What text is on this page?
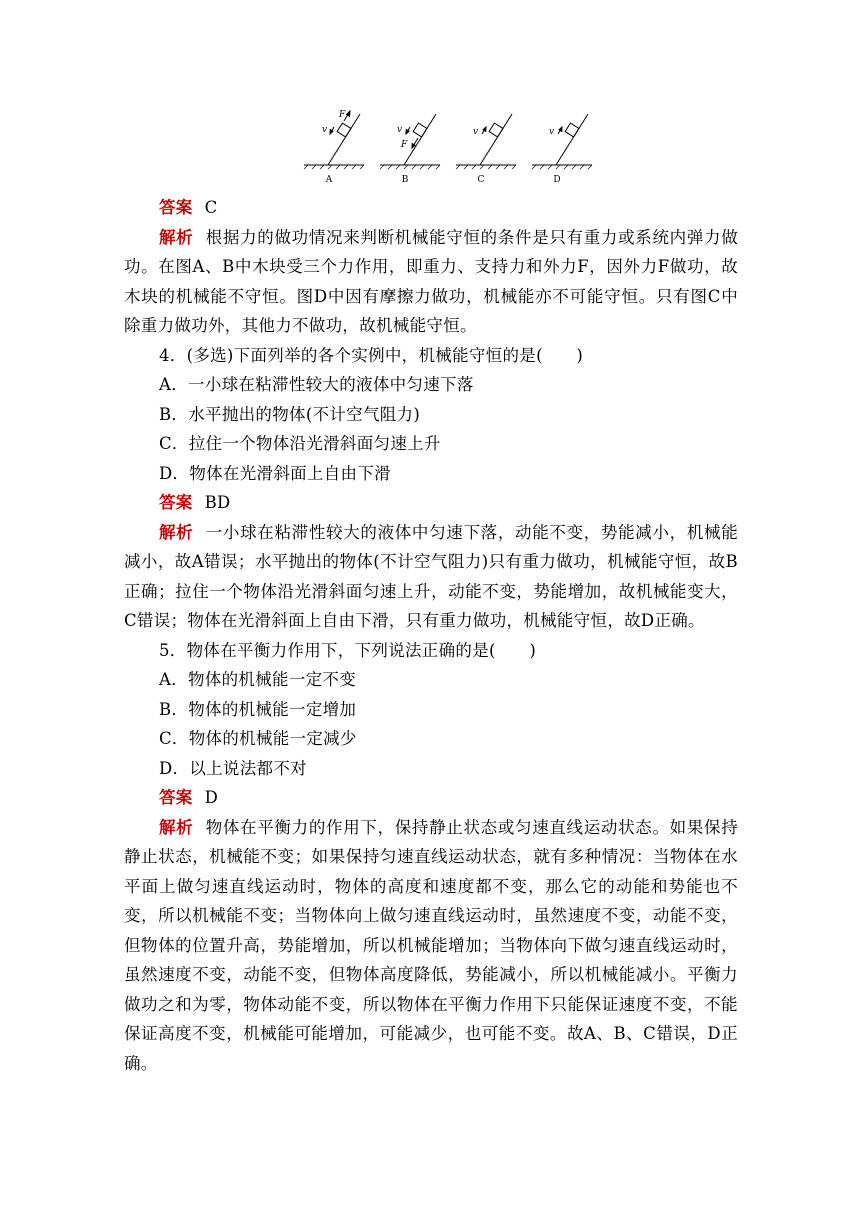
v
F
v
F
v	v
A	B	C	D

答案 C

解析 根据力的做功情况来判断机械能守恒的条件是只有重力或系统内弹力做功。在图A、B中木块受三个力作用，即重力、支持力和外力F，因外力F做功，故木块的机械能不守恒。图D中因有摩擦力做功，机械能亦不可能守恒。只有图C中除重力做功外，其他力不做功，故机械能守恒。

4．(多选)下面列举的各个实例中，机械能守恒的是(　　)

A．一小球在粘滞性较大的液体中匀速下落

B．水平抛出的物体(不计空气阻力)

C．拉住一个物体沿光滑斜面匀速上升

D．物体在光滑斜面上自由下滑

答案 BD

解析 一小球在粘滞性较大的液体中匀速下落，动能不变，势能减小，机械能减小，故A错误；水平抛出的物体(不计空气阻力)只有重力做功，机械能守恒，故B正确；拉住一个物体沿光滑斜面匀速上升，动能不变，势能增加，故机械能变大，C错误；物体在光滑斜面上自由下滑，只有重力做功，机械能守恒，故D正确。

5．物体在平衡力作用下，下列说法正确的是(　　)

A．物体的机械能一定不变

B．物体的机械能一定增加

C．物体的机械能一定减少

D．以上说法都不对

答案 D

解析 物体在平衡力的作用下，保持静止状态或匀速直线运动状态。如果保持静止状态，机械能不变；如果保持匀速直线运动状态，就有多种情况：当物体在水平面上做匀速直线运动时，物体的高度和速度都不变，那么它的动能和势能也不变，所以机械能不变；当物体向上做匀速直线运动时，虽然速度不变，动能不变，但物体的位置升高，势能增加，所以机械能增加；当物体向下做匀速直线运动时，虽然速度不变，动能不变，但物体高度降低，势能减小，所以机械能减小。平衡力做功之和为零，物体动能不变，所以物体在平衡力作用下只能保证速度不变，不能保证高度不变，机械能可能增加，可能减少，也可能不变。故A、B、C错误，D正确。
